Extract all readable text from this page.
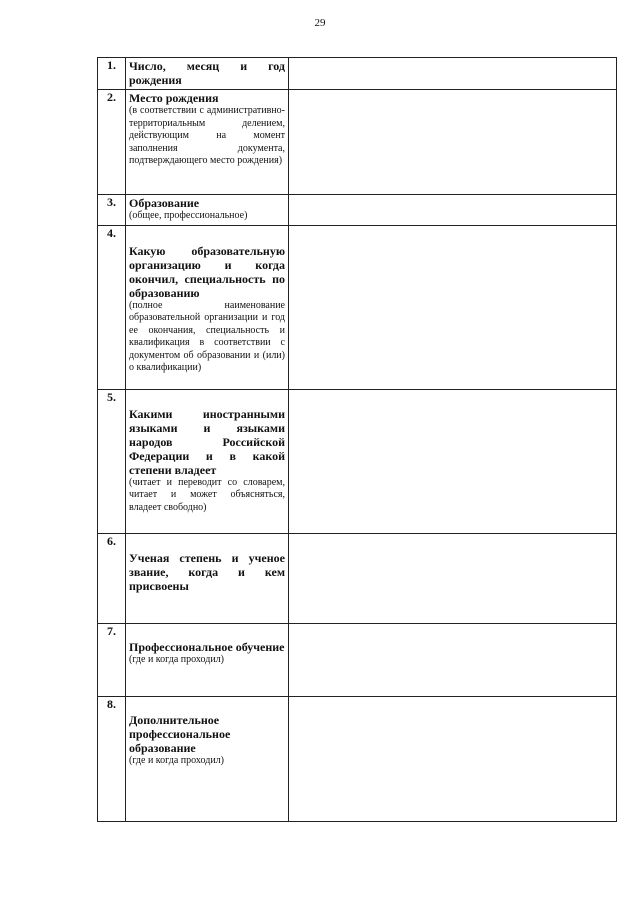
29
1.	Число, месяц и год рождения	

2.	Место рождения
(в соответствии с административно-территориальным делением, действующим на момент заполнения документа, подтверждающего место рождения)	

3.	Образование
(общее, профессиональное)	

4.	Какую образовательную организацию и когда окончил, специальность по образованию
(полное наименование образовательной организации и год ее окончания, специальность и квалификация в соответствии с документом об образовании и (или) о квалификации)	

5.	Какими иностранными языками и языками народов Российской Федерации и в какой степени владеет
(читает и переводит со словарем, читает и может объясняться, владеет свободно)	

6.	Ученая степень и ученое звание, когда и кем присвоены	

7.	Профессиональное обучение
(где и когда проходил)	

8.	Дополнительное профессиональное образование
(где и когда проходил)	
